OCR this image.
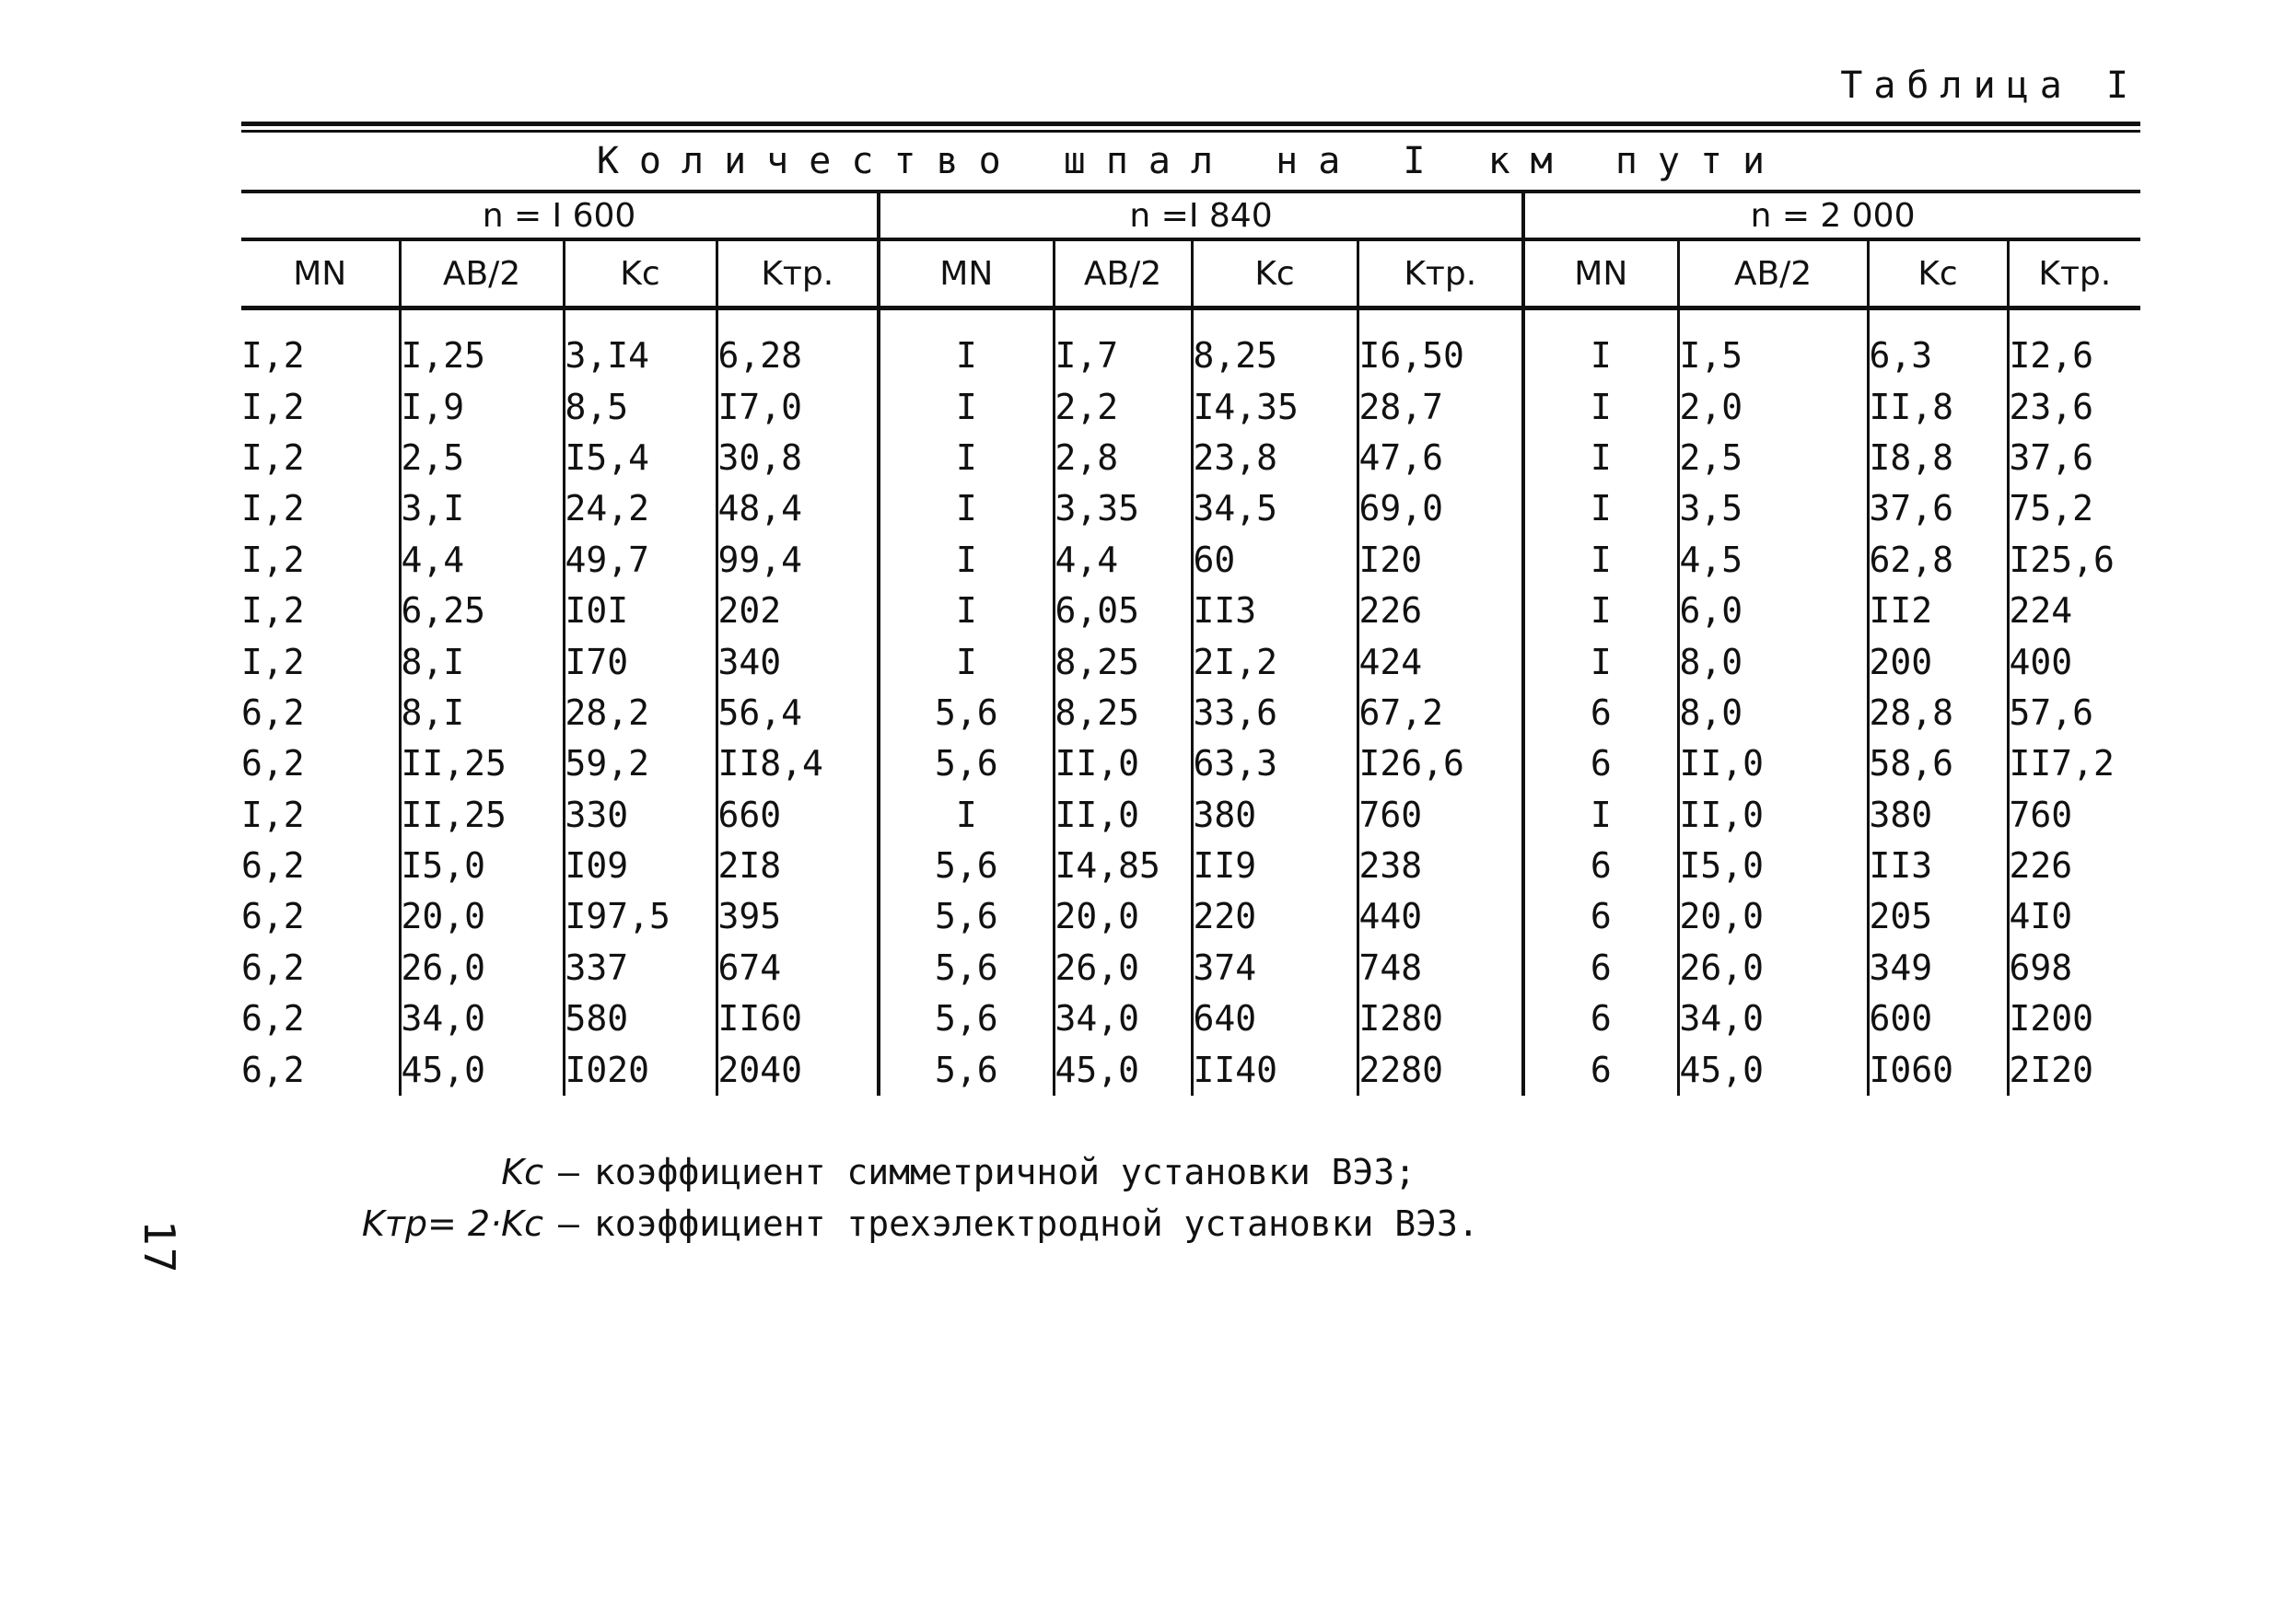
Таблица I
17
Количество шпал на I км пути
n = I 600				n =I 840				n = 2 000			
MN	AB/2	Kc	Kтр.	MN	AB/2	Kc	Kтр.	MN	AB/2	Kc	Kтр.
I,2	I,25	3,I4	6,28	I	I,7	8,25	I6,50	I	I,5	6,3	I2,6
I,2	I,9	8,5	I7,0	I	2,2	I4,35	28,7	I	2,0	II,8	23,6
I,2	2,5	I5,4	30,8	I	2,8	23,8	47,6	I	2,5	I8,8	37,6
I,2	3,I	24,2	48,4	I	3,35	34,5	69,0	I	3,5	37,6	75,2
I,2	4,4	49,7	99,4	I	4,4	60	I20	I	4,5	62,8	I25,6
I,2	6,25	I0I	202	I	6,05	II3	226	I	6,0	II2	224
I,2	8,I	I70	340	I	8,25	2I,2	424	I	8,0	200	400
6,2	8,I	28,2	56,4	5,6	8,25	33,6	67,2	6	8,0	28,8	57,6
6,2	II,25	59,2	II8,4	5,6	II,0	63,3	I26,6	6	II,0	58,6	II7,2
I,2	II,25	330	660	I	II,0	380	760	I	II,0	380	760
6,2	I5,0	I09	2I8	5,6	I4,85	II9	238	6	I5,0	II3	226
6,2	20,0	I97,5	395	5,6	20,0	220	440	6	20,0	205	4I0
6,2	26,0	337	674	5,6	26,0	374	748	6	26,0	349	698
6,2	34,0	580	II60	5,6	34,0	640	I280	6	34,0	600	I200
6,2	45,0	I020	2040	5,6	45,0	II40	2280	6	45,0	I060	2I20
Kc – коэффициент симметричной установки ВЭЗ;
Kтр= 2·Kc – коэффициент трехэлектродной установки ВЭЗ.
